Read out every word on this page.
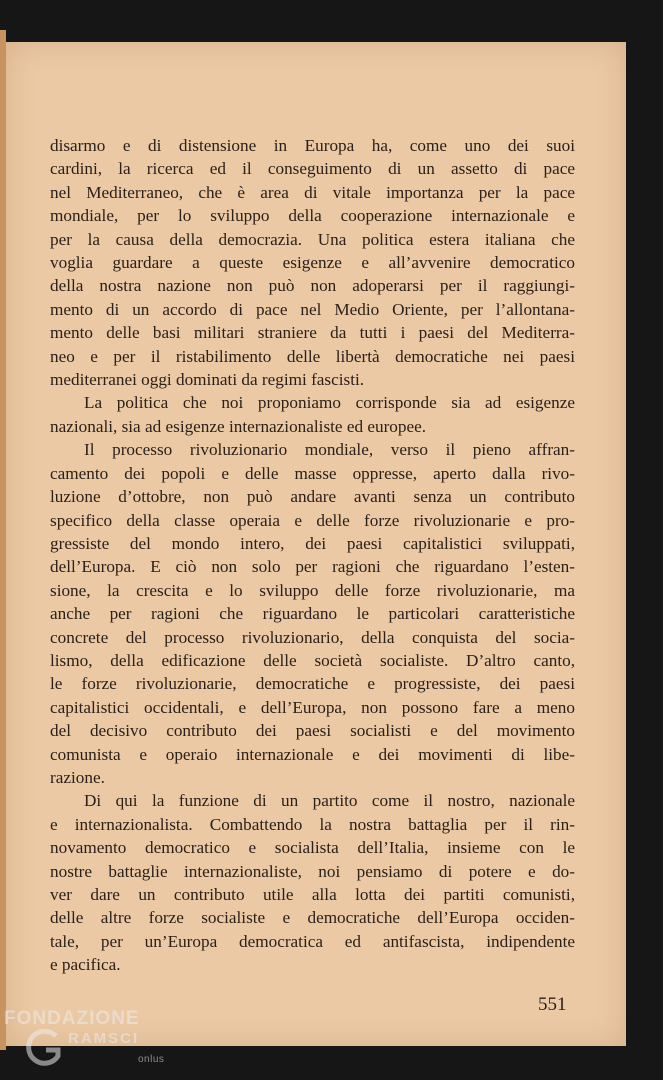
disarmo e di distensione in Europa ha, come uno dei suoi
cardini, la ricerca ed il conseguimento di un assetto di pace
nel Mediterraneo, che è area di vitale importanza per la pace
mondiale, per lo sviluppo della cooperazione internazionale e
per la causa della democrazia. Una politica estera italiana che
voglia guardare a queste esigenze e all’avvenire democratico
della nostra nazione non può non adoperarsi per il raggiungi-
mento di un accordo di pace nel Medio Oriente, per l’allontana-
mento delle basi militari straniere da tutti i paesi del Mediterra-
neo e per il ristabilimento delle libertà democratiche nei paesi
mediterranei oggi dominati da regimi fascisti.

La politica che noi proponiamo corrisponde sia ad esigenze
nazionali, sia ad esigenze internazionaliste ed europee.

Il processo rivoluzionario mondiale, verso il pieno affran-
camento dei popoli e delle masse oppresse, aperto dalla rivo-
luzione d’ottobre, non può andare avanti senza un contributo
specifico della classe operaia e delle forze rivoluzionarie e pro-
gressiste del mondo intero, dei paesi capitalistici sviluppati,
dell’Europa. E ciò non solo per ragioni che riguardano l’esten-
sione, la crescita e lo sviluppo delle forze rivoluzionarie, ma
anche per ragioni che riguardano le particolari caratteristiche
concrete del processo rivoluzionario, della conquista del socia-
lismo, della edificazione delle società socialiste. D’altro canto,
le forze rivoluzionarie, democratiche e progressiste, dei paesi
capitalistici occidentali, e dell’Europa, non possono fare a meno
del decisivo contributo dei paesi socialisti e del movimento
comunista e operaio internazionale e dei movimenti di libe-
razione.

Di qui la funzione di un partito come il nostro, nazionale
e internazionalista. Combattendo la nostra battaglia per il rin-
novamento democratico e socialista dell’Italia, insieme con le
nostre battaglie internazionaliste, noi pensiamo di potere e do-
ver dare un contributo utile alla lotta dei partiti comunisti,
delle altre forze socialiste e democratiche dell’Europa occiden-
tale, per un’Europa democratica ed antifascista, indipendente
e pacifica.

551
FONDAZIONE
RAMSCI
onlus
